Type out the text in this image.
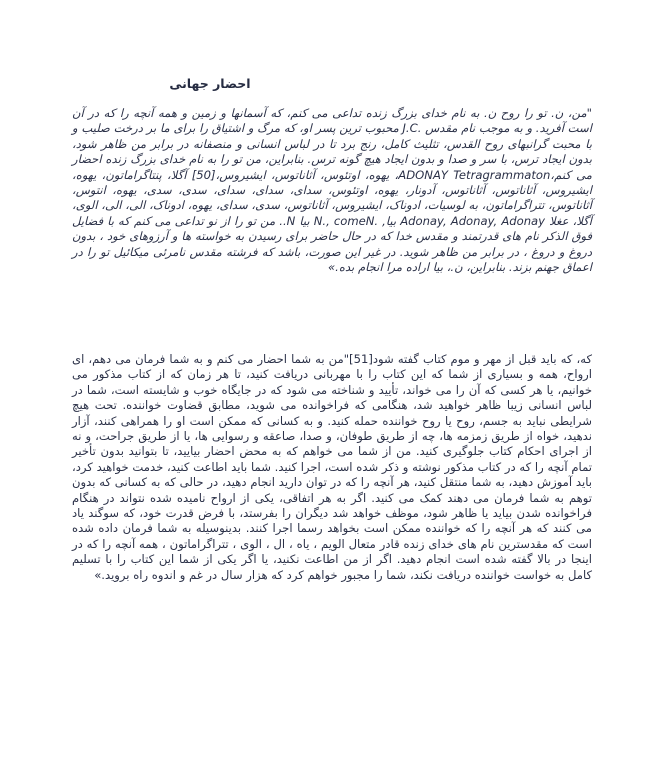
احضار جهانی

"من، ن. تو را روح ن. به نام خدای بزرگ زنده تداعی می کنم، که آسمانها و زمین و همه آنچه را که در آن است آفرید. و به موجب نام مقدس .J.C محبوب ترین پسر او، که مرگ و اشتیاق را برای ما بر درخت صلیب و با محبت گرانبهای روح القدس، تثلیث کامل، رنج برد تا در لباس انسانی و منصفانه در برابر من ظاهر شود، بدون ایجاد ترس، با سر و صدا و بدون ایجاد هیچ گونه ترس. بنابراین، من تو را به نام خدای بزرگ زنده احضار می کنم،ADONAY Tetragrammaton، یهوه، اوتئوس، آثاناتوس، ایشیروس،[50] آگلا، پنتاگراماتون، یهوه، ایشیروس، آثاناتوس، آثاناتوس، آدونار، یهوه، اوتئوس، سدای، سدای، سدای، سدی، سدی، یهوه، انتوس، آثاناتوس، تتراگراماتون، به لوسیات، ادوناک، ایشیروس، آثاناتوس، سدی، سدای، یهوه، ادوناک، الی، الی، الوی، آگلا، عغلا Adonay, Adonay, Adonay بیا, .N., comeN بیا N.. من تو را از نو تداعی می کنم که با فضایل فوق الذکر نام های قدرتمند و مقدس خدا که در حال حاضر برای رسیدن به خواسته ها و آرزوهای خود ، بدون دروغ و دروغ ، در برابر من ظاهر شوید. در غیر این صورت، باشد که فرشته مقدس نامرئی میکائیل تو را در اعماق جهنم بزند. بنابراین، ن.، بیا اراده مرا انجام بده.»

که، که باید قبل از مهر و موم کتاب گفته شود[51]"من به شما احضار می کنم و به شما فرمان می دهم، ای ارواح، همه و بسیاری از شما که این کتاب را با مهربانی دریافت کنید، تا هر زمان که از کتاب مذکور می خوانیم، یا هر کسی که آن را می خواند، تأیید و شناخته می شود که در جایگاه خوب و شایسته است، شما در لباس انسانی زیبا ظاهر خواهید شد، هنگامی که فراخوانده می شوید، مطابق قضاوت خواننده. تحت هیچ شرایطی نباید به جسم، روح یا روح خواننده حمله کنید. و به کسانی که ممکن است او را همراهی کنند، آزار ندهید، خواه از طریق زمزمه ها، چه از طریق طوفان، و صدا، صاعقه و رسوایی ها، یا از طریق جراحت، و نه از اجرای احکام کتاب جلوگیری کنید. من از شما می خواهم که به محض احضار بیایید، تا بتوانید بدون تأخیر تمام آنچه را که در کتاب مذکور نوشته و ذکر شده است، اجرا کنید. شما باید اطاعت کنید، خدمت خواهید کرد، باید آموزش دهید، به شما منتقل کنید، هر آنچه را که در توان دارید انجام دهید، در حالی که به کسانی که بدون توهم به شما فرمان می دهند کمک می کنید. اگر به هر اتفاقی، یکی از ارواح نامیده شده نتواند در هنگام فراخوانده شدن بیاید یا ظاهر شود، موظف خواهد شد دیگران را بفرستد، با فرض قدرت خود، که سوگند یاد می کنند که هر آنچه را که خواننده ممکن است بخواهد رسما اجرا کنند. بدینوسیله به شما فرمان داده شده است که مقدسترین نام های خدای زنده قادر متعال الویم ، یاه ، ال ، الوی ، تتراگراماتون ، همه آنچه را که در اینجا در بالا گفته شده است انجام دهید. اگر از من اطاعت نکنید، یا اگر یکی از شما این کتاب را با تسلیم کامل به خواست خواننده دریافت نکند، شما را مجبور خواهم کرد که هزار سال در غم و اندوه راه بروید.»
